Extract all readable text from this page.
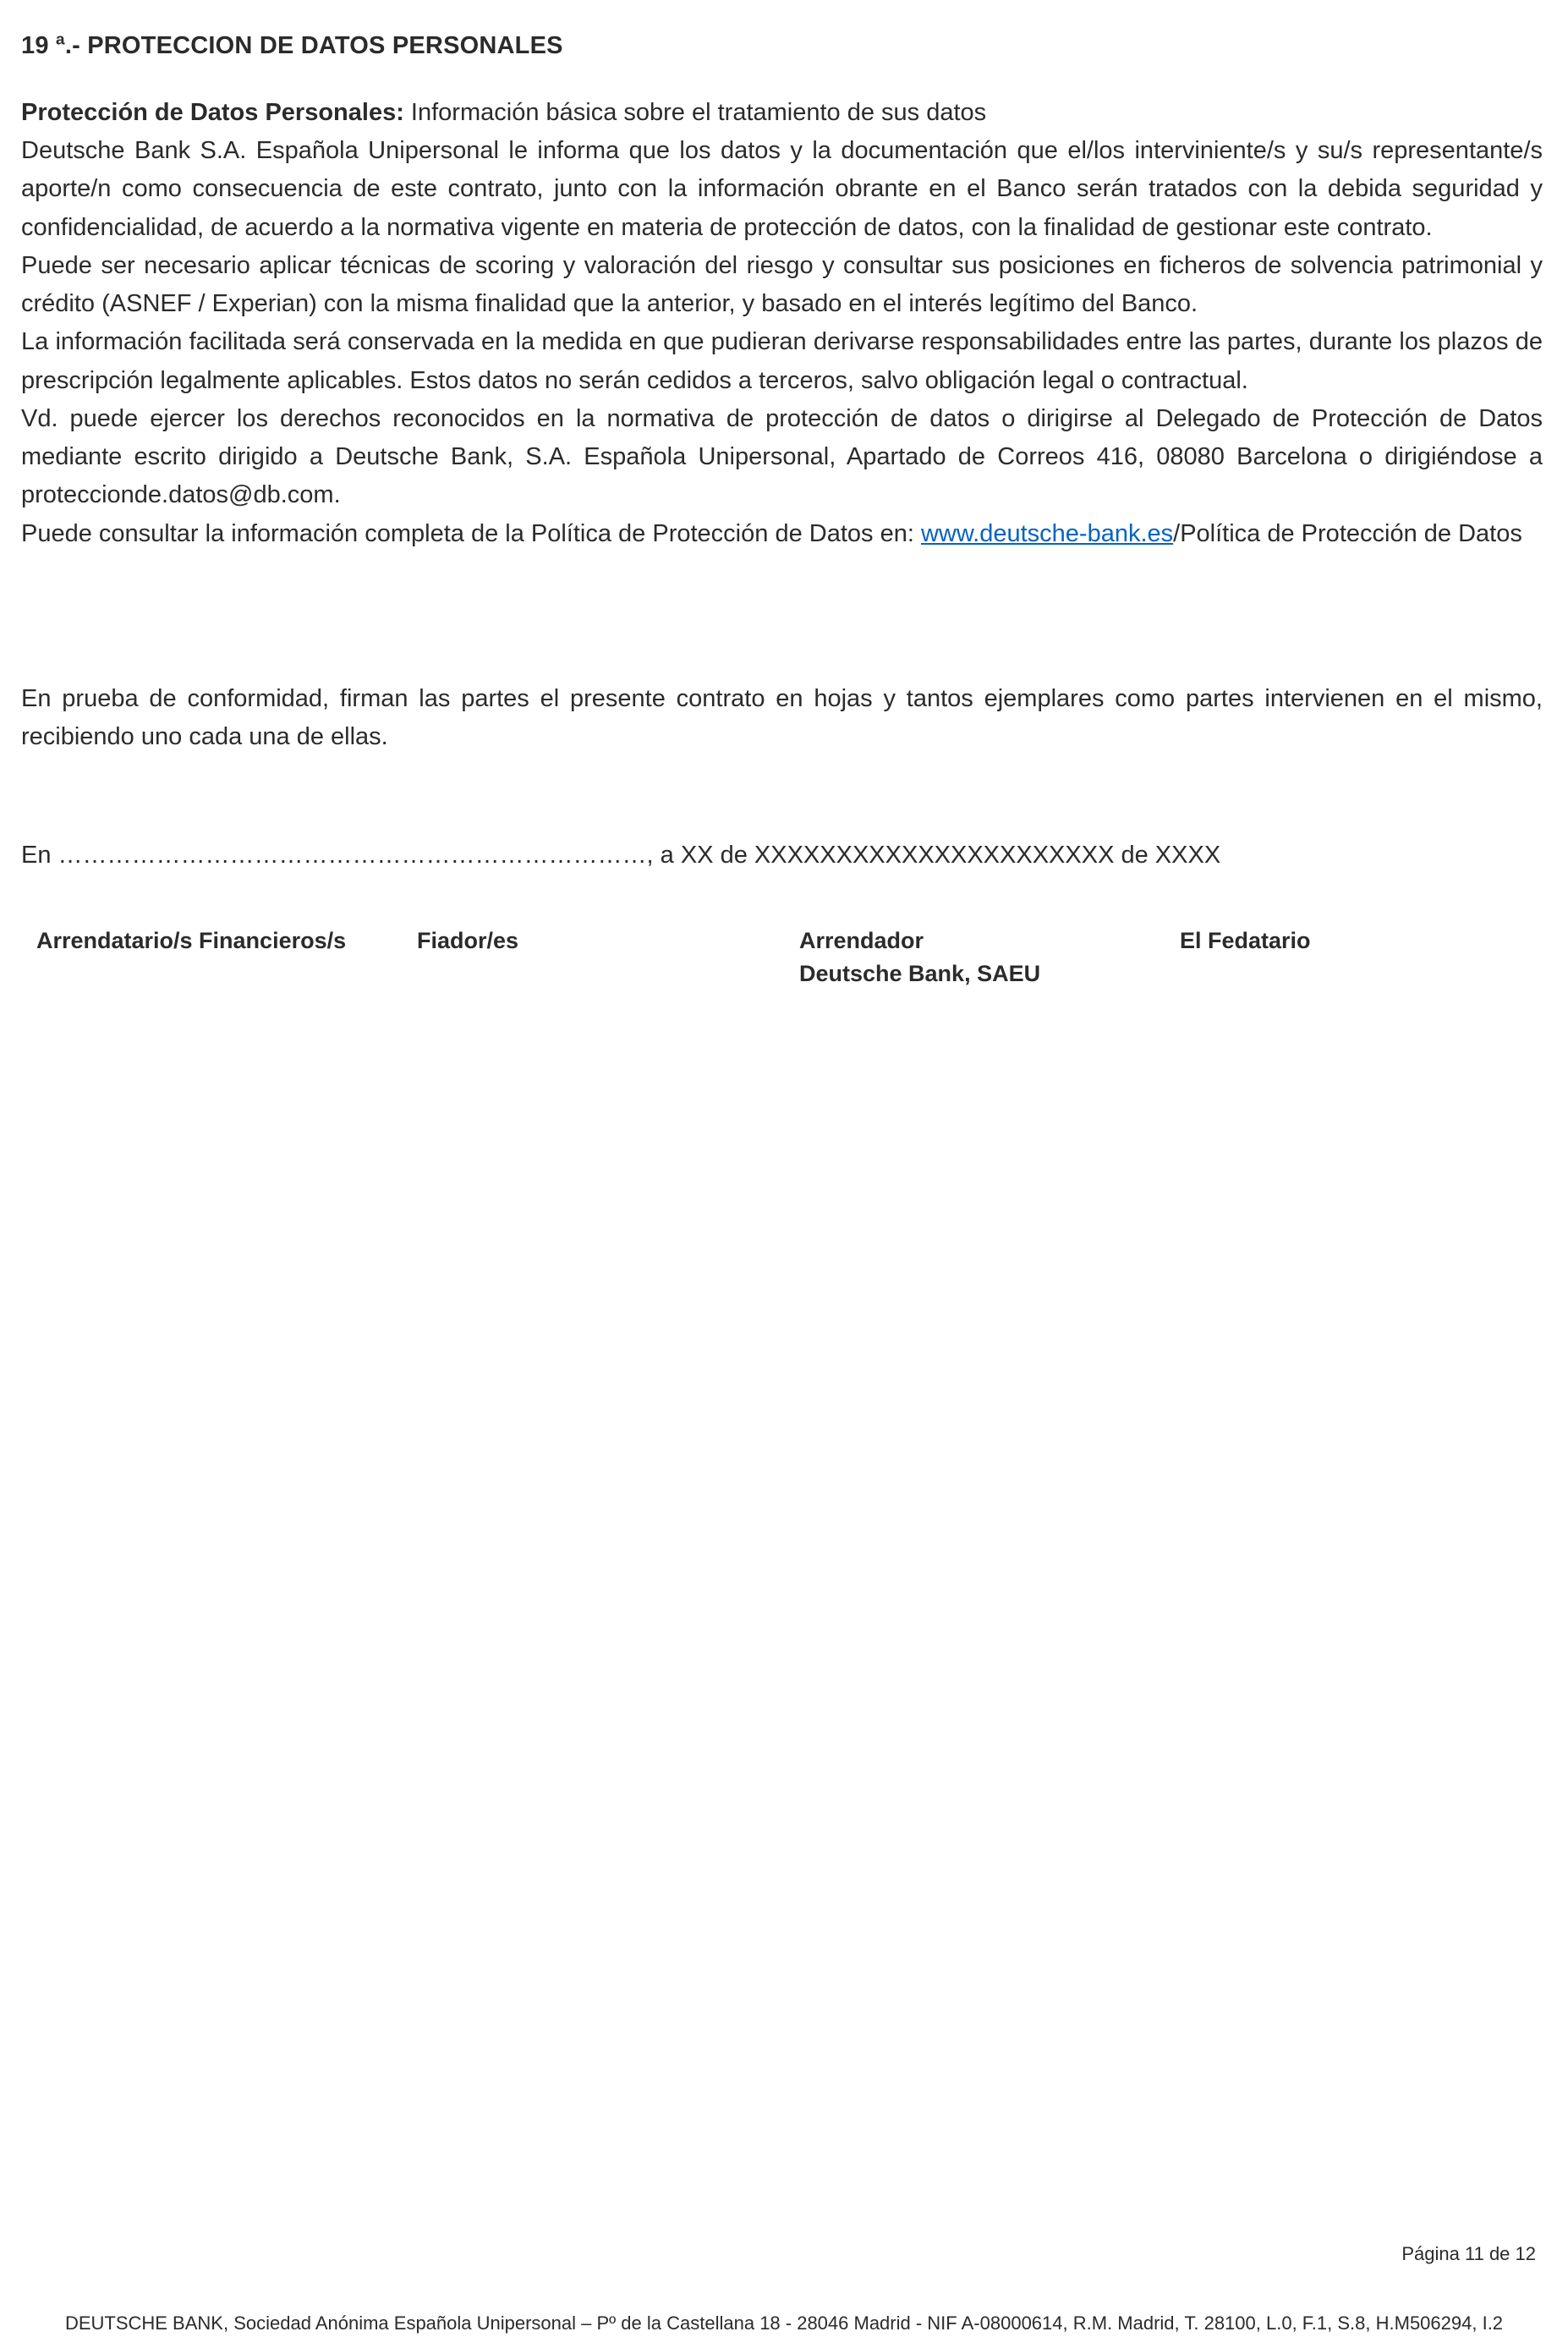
19 ª.- PROTECCION DE DATOS PERSONALES

Protección de Datos Personales: Información básica sobre el tratamiento de sus datos

Deutsche Bank S.A. Española Unipersonal le informa que los datos y la documentación que el/los interviniente/s y su/s representante/s aporte/n como consecuencia de este contrato, junto con la información obrante en el Banco serán tratados con la debida seguridad y confidencialidad, de acuerdo a la normativa vigente en materia de protección de datos, con la finalidad de gestionar este contrato.

Puede ser necesario aplicar técnicas de scoring y valoración del riesgo y consultar sus posiciones en ficheros de solvencia patrimonial y crédito (ASNEF / Experian) con la misma finalidad que la anterior, y basado en el interés legítimo del Banco.

La información facilitada será conservada en la medida en que pudieran derivarse responsabilidades entre las partes, durante los plazos de prescripción legalmente aplicables. Estos datos no serán cedidos a terceros, salvo obligación legal o contractual.

Vd. puede ejercer los derechos reconocidos en la normativa de protección de datos o dirigirse al Delegado de Protección de Datos mediante escrito dirigido a Deutsche Bank, S.A. Española Unipersonal, Apartado de Correos 416, 08080 Barcelona o dirigiéndose a proteccionde.datos@db.com.

Puede consultar la información completa de la Política de Protección de Datos en: www.deutsche-bank.es/Política de Protección de Datos

En prueba de conformidad, firman las partes el presente contrato en hojas y tantos ejemplares como partes intervienen en el mismo, recibiendo uno cada una de ellas.

En ………………………………………………………………, a XX de XXXXXXXXXXXXXXXXXXXXXX de XXXX

Arrendatario/s Financieros/s	Fiador/es	Arrendador
Deutsche Bank, SAEU
El Fedatario
Página 11 de 12
DEUTSCHE BANK, Sociedad Anónima Española Unipersonal – Pº de la Castellana 18 - 28046 Madrid - NIF A-08000614, R.M. Madrid, T. 28100, L.0, F.1, S.8, H.M506294, I.2
